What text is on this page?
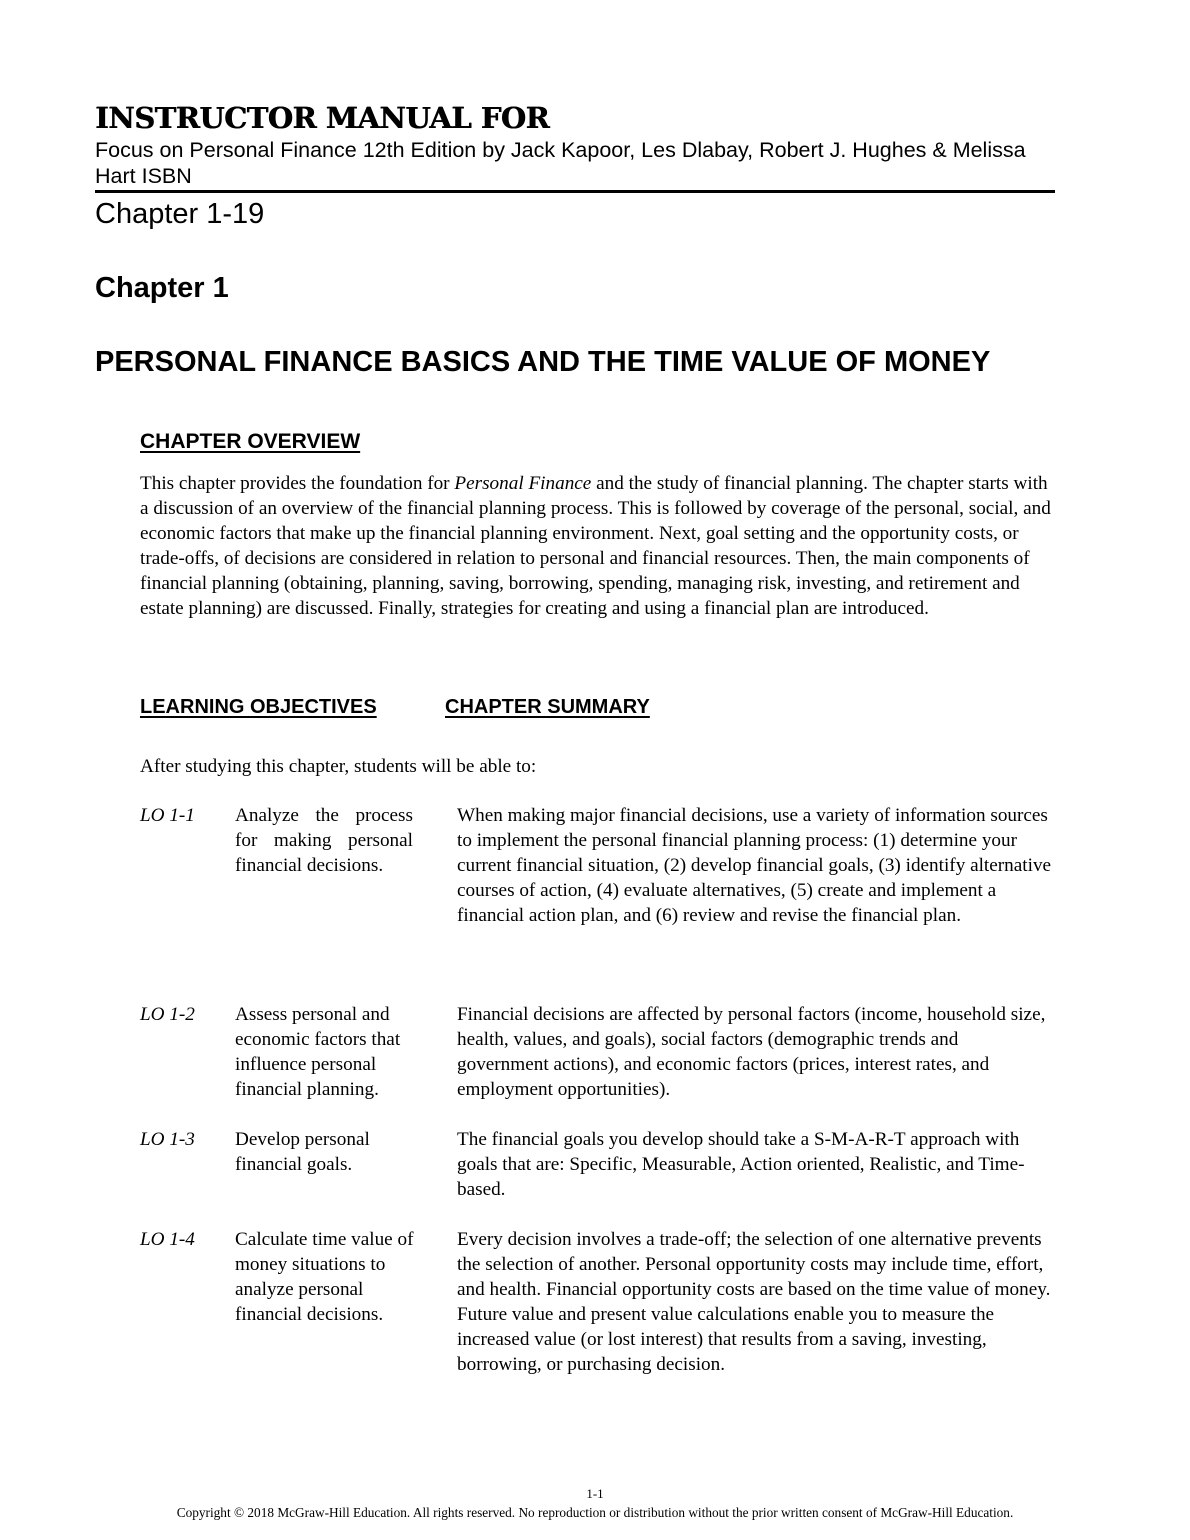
INSTRUCTOR MANUAL FOR
Focus on Personal Finance 12th Edition by Jack Kapoor, Les Dlabay, Robert J. Hughes & Melissa Hart ISBN
Chapter 1-19
Chapter 1
PERSONAL FINANCE BASICS AND THE TIME VALUE OF MONEY
CHAPTER OVERVIEW

This chapter provides the foundation for Personal Finance and the study of financial planning. The chapter starts with a discussion of an overview of the financial planning process. This is followed by coverage of the personal, social, and economic factors that make up the financial planning environment. Next, goal setting and the opportunity costs, or trade-offs, of decisions are considered in relation to personal and financial resources. Then, the main components of financial planning (obtaining, planning, saving, borrowing, spending, managing risk, investing, and retirement and estate planning) are discussed. Finally, strategies for creating and using a financial plan are introduced.

LEARNING OBJECTIVES	CHAPTER SUMMARY
After studying this chapter, students will be able to:
LO 1-1 Analyze the process for making personal financial decisions.
When making major financial decisions, use a variety of information sources to implement the personal financial planning process: (1) determine your current financial situation, (2) develop financial goals, (3) identify alternative courses of action, (4) evaluate alternatives, (5) create and implement a financial action plan, and (6) review and revise the financial plan.
LO 1-2 Assess personal and economic factors that influence personal financial planning.
Financial decisions are affected by personal factors (income, household size, health, values, and goals), social factors (demographic trends and government actions), and economic factors (prices, interest rates, and employment opportunities).
LO 1-3 Develop personal financial goals.
The financial goals you develop should take a S-M-A-R-T approach with goals that are: Specific, Measurable, Action oriented, Realistic, and Time-based.
LO 1-4 Calculate time value of money situations to analyze personal financial decisions.
Every decision involves a trade-off; the selection of one alternative prevents the selection of another. Personal opportunity costs may include time, effort, and health. Financial opportunity costs are based on the time value of money. Future value and present value calculations enable you to measure the increased value (or lost interest) that results from a saving, investing, borrowing, or purchasing decision.
1-1
Copyright © 2018 McGraw-Hill Education. All rights reserved. No reproduction or distribution without the prior written consent of McGraw-Hill Education.
